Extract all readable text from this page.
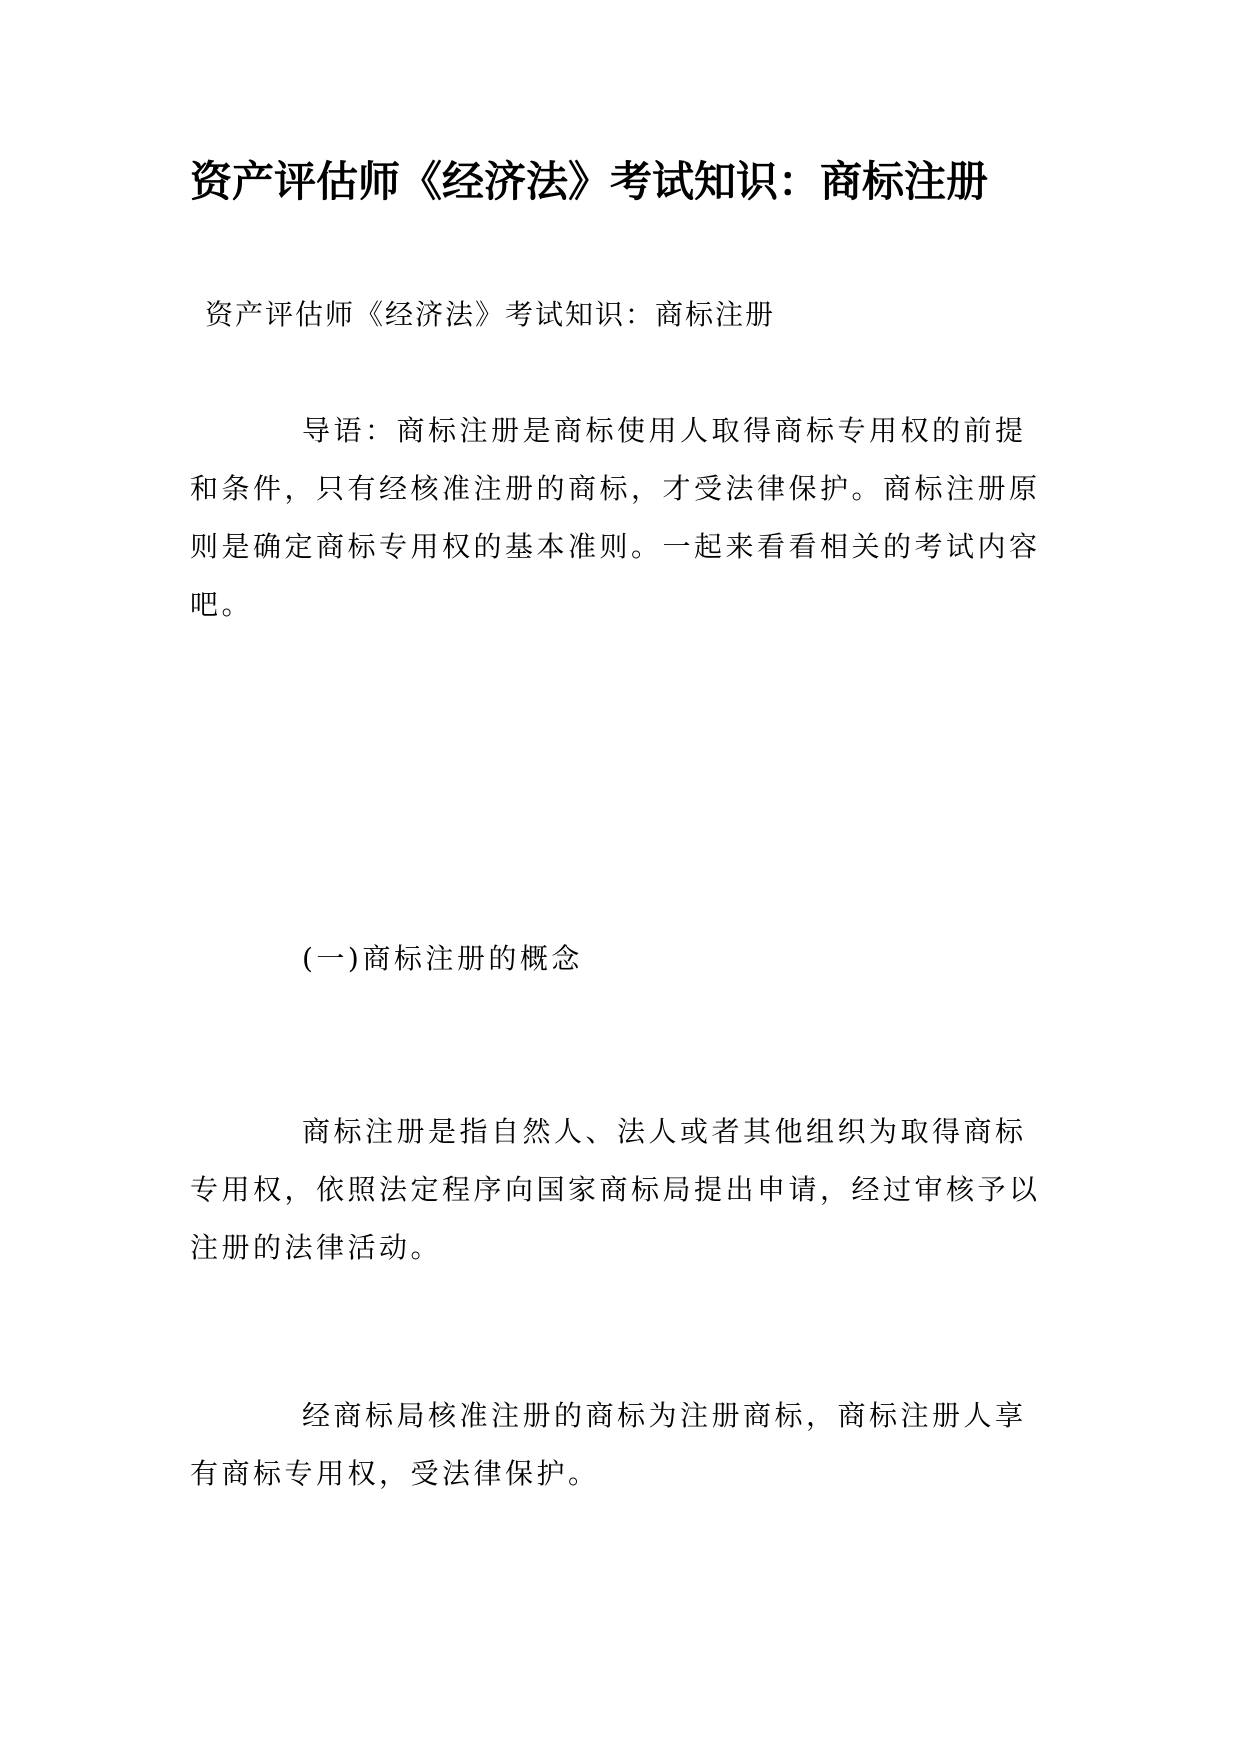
资产评估师《经济法》考试知识：商标注册

资产评估师《经济法》考试知识：商标注册

导语：商标注册是商标使用人取得商标专用权的前提和条件，只有经核准注册的商标，才受法律保护。商标注册原则是确定商标专用权的基本准则。一起来看看相关的考试内容吧。

(一)商标注册的概念

商标注册是指自然人、法人或者其他组织为取得商标专用权，依照法定程序向国家商标局提出申请，经过审核予以注册的法律活动。

经商标局核准注册的商标为注册商标，商标注册人享有商标专用权，受法律保护。
